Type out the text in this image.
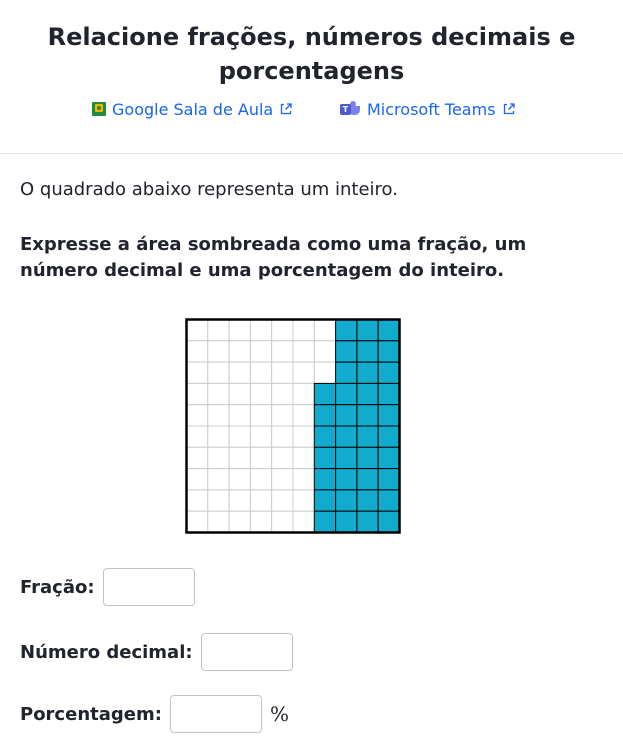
Relacione frações, números decimais e porcentagens
Google Sala de Aula	T Microsoft Teams

O quadrado abaixo representa um inteiro.

Expresse a área sombreada como uma fração, um número decimal e uma porcentagem do inteiro.

Fração:
Número decimal:
Porcentagem:	%
